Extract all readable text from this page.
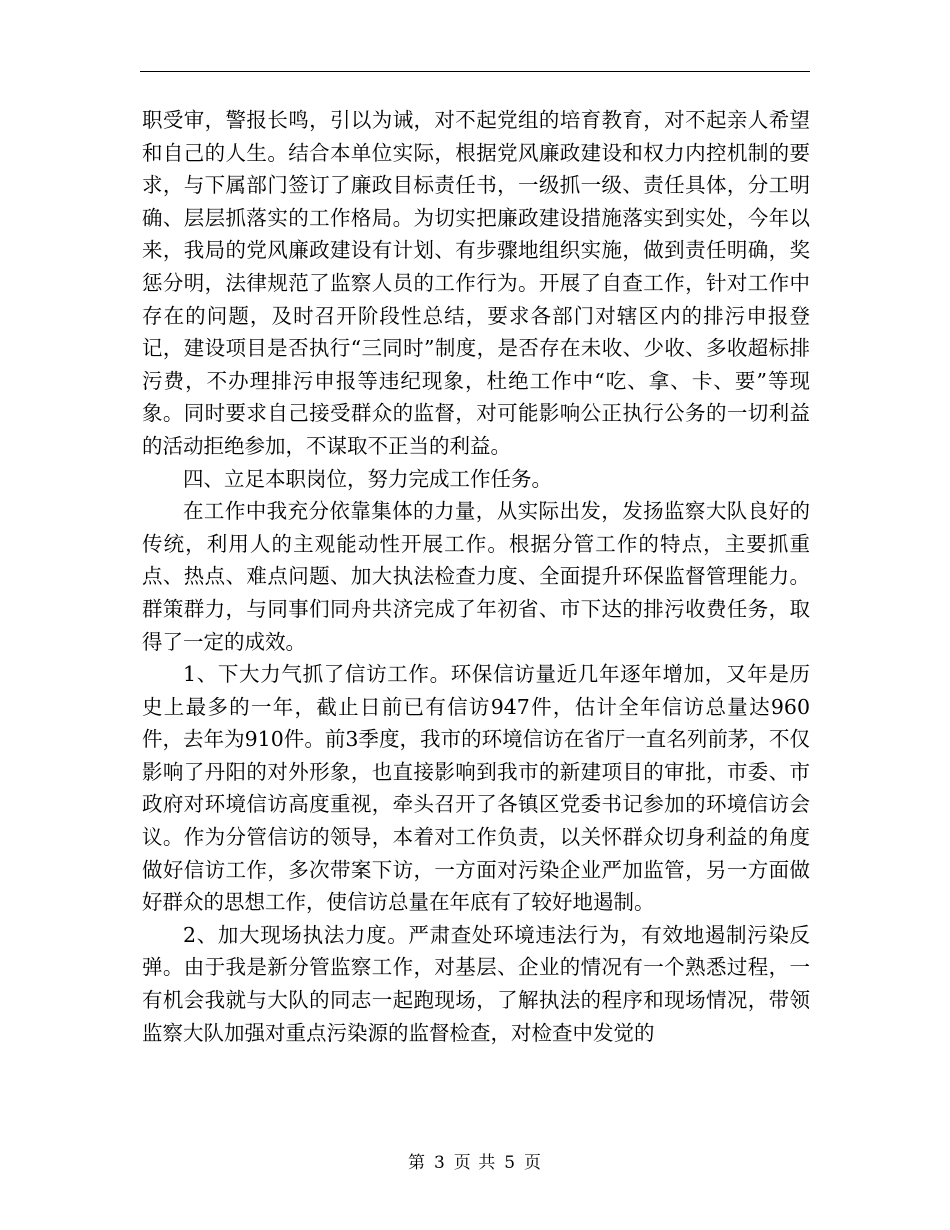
职受审，警报长鸣，引以为诫，对不起党组的培育教育，对不起亲人希望和自己的人生。结合本单位实际，根据党风廉政建设和权力内控机制的要求，与下属部门签订了廉政目标责任书，一级抓一级、责任具体，分工明确、层层抓落实的工作格局。为切实把廉政建设措施落实到实处，今年以来，我局的党风廉政建设有计划、有步骤地组织实施，做到责任明确，奖惩分明，法律规范了监察人员的工作行为。开展了自查工作，针对工作中存在的问题，及时召开阶段性总结，要求各部门对辖区内的排污申报登记，建设项目是否执行“三同时”制度，是否存在未收、少收、多收超标排污费，不办理排污申报等违纪现象，杜绝工作中“吃、拿、卡、要”等现象。同时要求自己接受群众的监督，对可能影响公正执行公务的一切利益的活动拒绝参加，不谋取不正当的利益。

四、立足本职岗位，努力完成工作任务。

在工作中我充分依靠集体的力量，从实际出发，发扬监察大队良好的传统，利用人的主观能动性开展工作。根据分管工作的特点，主要抓重点、热点、难点问题、加大执法检查力度、全面提升环保监督管理能力。群策群力，与同事们同舟共济完成了年初省、市下达的排污收费任务，取得了一定的成效。

1、下大力气抓了信访工作。环保信访量近几年逐年增加，又年是历史上最多的一年，截止日前已有信访947件，估计全年信访总量达960件，去年为910件。前3季度，我市的环境信访在省厅一直名列前茅，不仅影响了丹阳的对外形象，也直接影响到我市的新建项目的审批，市委、市政府对环境信访高度重视，牵头召开了各镇区党委书记参加的环境信访会议。作为分管信访的领导，本着对工作负责，以关怀群众切身利益的角度做好信访工作，多次带案下访，一方面对污染企业严加监管，另一方面做好群众的思想工作，使信访总量在年底有了较好地遏制。

2、加大现场执法力度。严肃查处环境违法行为，有效地遏制污染反弹。由于我是新分管监察工作，对基层、企业的情况有一个熟悉过程，一有机会我就与大队的同志一起跑现场，了解执法的程序和现场情况，带领监察大队加强对重点污染源的监督检查，对检查中发觉的

第 3 页 共 5 页
